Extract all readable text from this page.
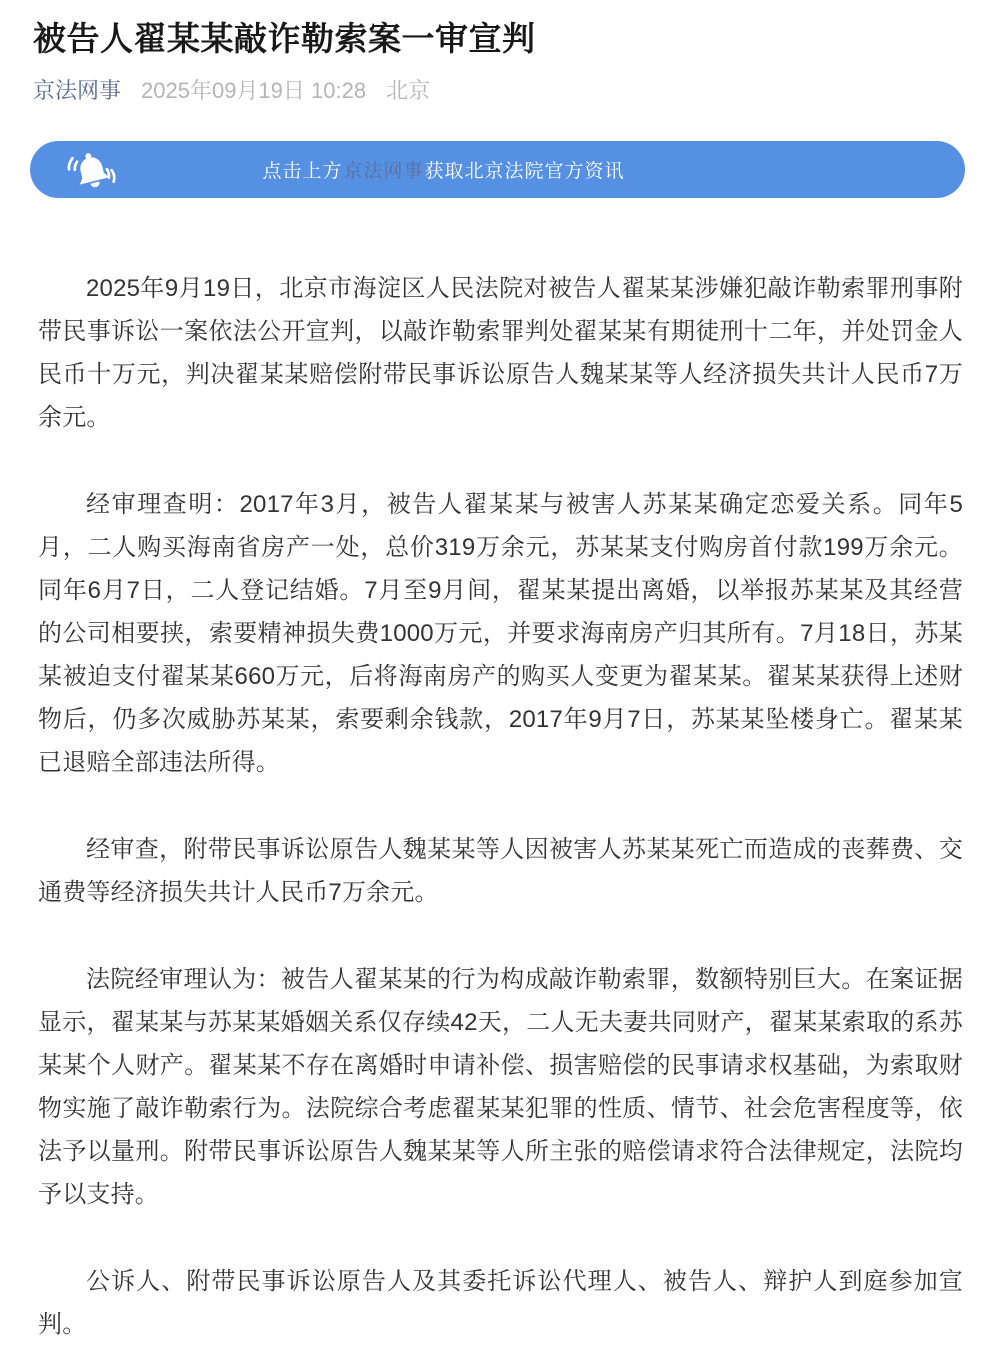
被告人翟某某敲诈勒索案一审宣判
京法网事 2025年09月19日 10:28 北京
点击上方 京法网事 获取北京法院官方资讯

2025年9月19日，北京市海淀区人民法院对被告人翟某某涉嫌犯敲诈勒索罪刑事附带民事诉讼一案依法公开宣判，以敲诈勒索罪判处翟某某有期徒刑十二年，并处罚金人民币十万元，判决翟某某赔偿附带民事诉讼原告人魏某某等人经济损失共计人民币7万余元。

经审理查明：2017年3月，被告人翟某某与被害人苏某某确定恋爱关系。同年5月，二人购买海南省房产一处，总价319万余元，苏某某支付购房首付款199万余元。同年6月7日，二人登记结婚。7月至9月间，翟某某提出离婚，以举报苏某某及其经营的公司相要挟，索要精神损失费1000万元，并要求海南房产归其所有。7月18日，苏某某被迫支付翟某某660万元，后将海南房产的购买人变更为翟某某。翟某某获得上述财物后，仍多次威胁苏某某，索要剩余钱款，2017年9月7日，苏某某坠楼身亡。翟某某已退赔全部违法所得。

经审查，附带民事诉讼原告人魏某某等人因被害人苏某某死亡而造成的丧葬费、交通费等经济损失共计人民币7万余元。

法院经审理认为：被告人翟某某的行为构成敲诈勒索罪，数额特别巨大。在案证据显示，翟某某与苏某某婚姻关系仅存续42天，二人无夫妻共同财产，翟某某索取的系苏某某个人财产。翟某某不存在离婚时申请补偿、损害赔偿的民事请求权基础，为索取财物实施了敲诈勒索行为。法院综合考虑翟某某犯罪的性质、情节、社会危害程度等，依法予以量刑。附带民事诉讼原告人魏某某等人所主张的赔偿请求符合法律规定，法院均予以支持。

公诉人、附带民事诉讼原告人及其委托诉讼代理人、被告人、辩护人到庭参加宣判。
